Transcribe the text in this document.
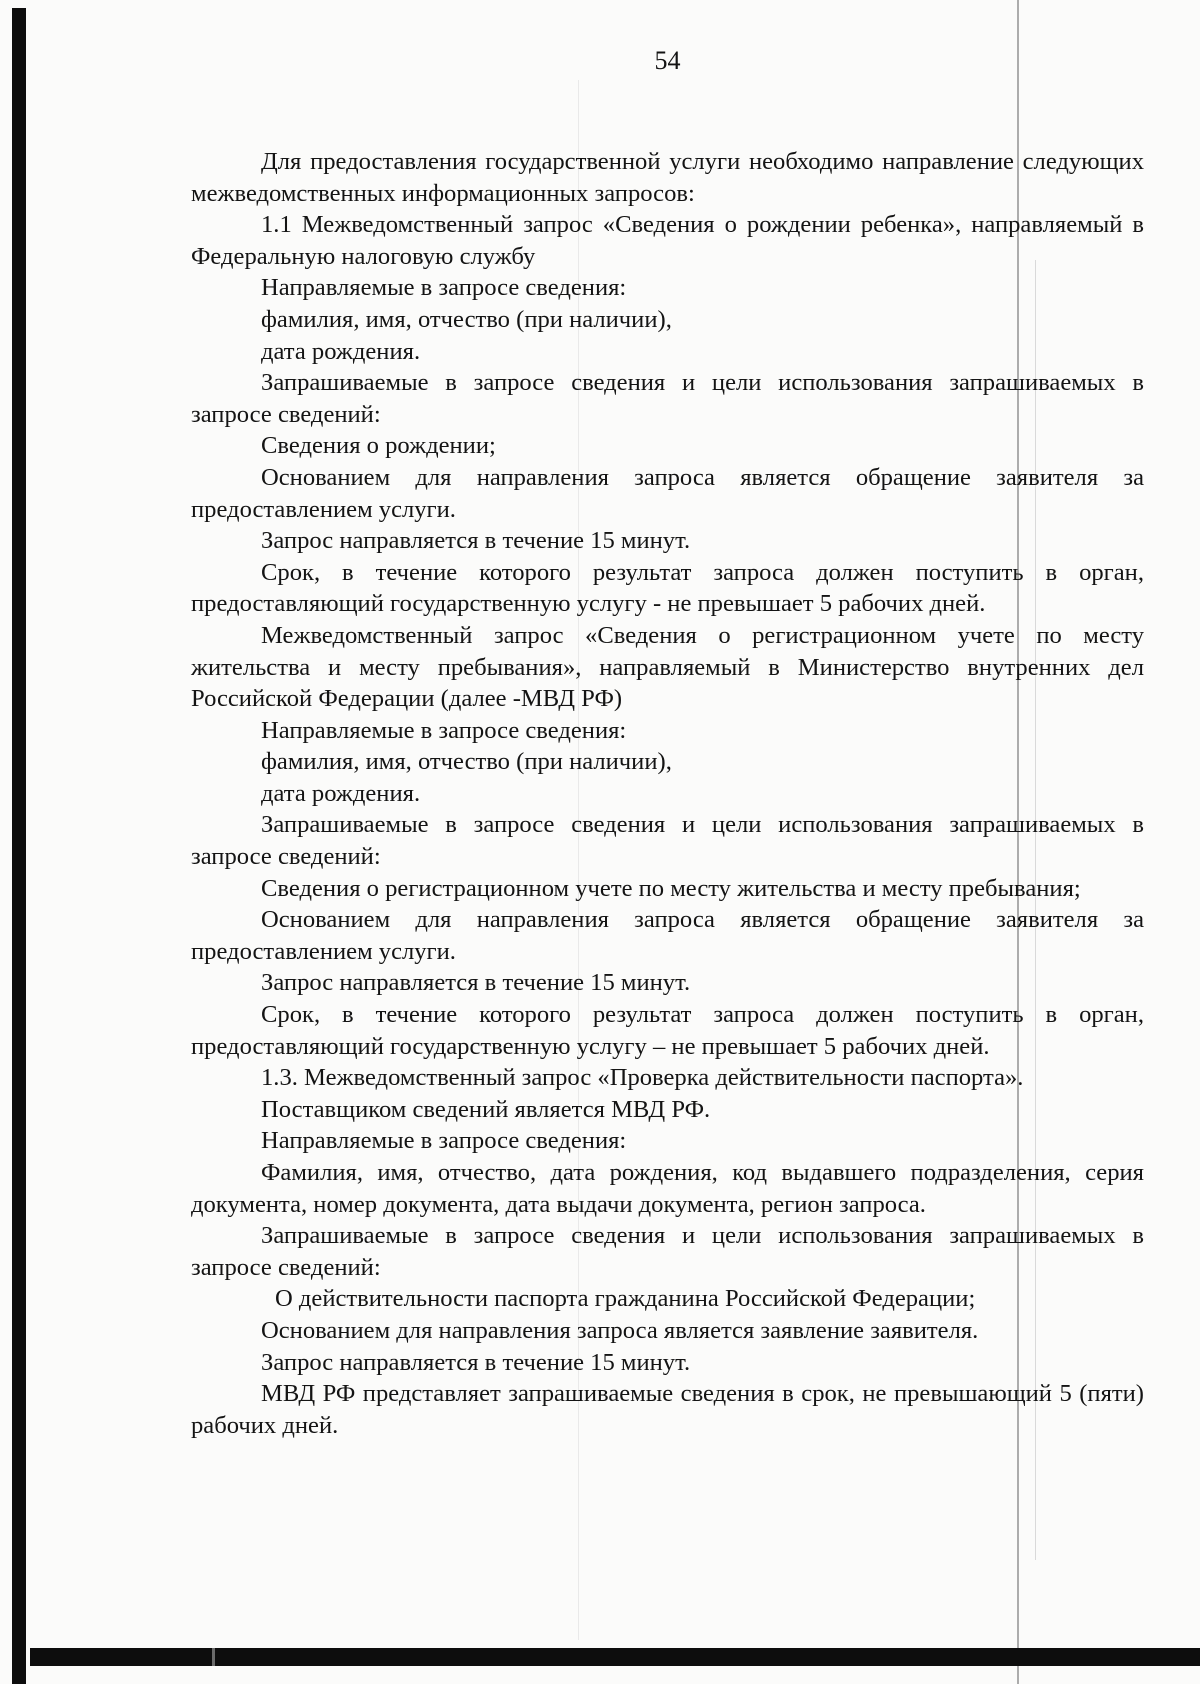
54

Для предоставления государственной услуги необходимо направление следующих межведомственных информационных запросов:

1.1 Межведомственный запрос «Сведения о рождении ребенка», направляемый в Федеральную налоговую службу

Направляемые в запросе сведения:

фамилия, имя, отчество (при наличии),

дата рождения.

Запрашиваемые в запросе сведения и цели использования запрашиваемых в запросе сведений:

Сведения о рождении;

Основанием для направления запроса является обращение заявителя за предоставлением услуги.

Запрос направляется в течение 15 минут.

Срок, в течение которого результат запроса должен поступить в орган, предоставляющий государственную услугу - не превышает 5 рабочих дней.

Межведомственный запрос «Сведения о регистрационном учете по месту жительства и месту пребывания», направляемый в Министерство внутренних дел Российской Федерации (далее -МВД РФ)

Направляемые в запросе сведения:

фамилия, имя, отчество (при наличии),

дата рождения.

Запрашиваемые в запросе сведения и цели использования запрашиваемых в запросе сведений:

Сведения о регистрационном учете по месту жительства и месту пребывания;

Основанием для направления запроса является обращение заявителя за предоставлением услуги.

Запрос направляется в течение 15 минут.

Срок, в течение которого результат запроса должен поступить в орган, предоставляющий государственную услугу – не превышает 5 рабочих дней.

1.3. Межведомственный запрос «Проверка действительности паспорта».

Поставщиком сведений является МВД РФ.

Направляемые в запросе сведения:

Фамилия, имя, отчество, дата рождения, код выдавшего подразделения, серия документа, номер документа, дата выдачи документа, регион запроса.

Запрашиваемые в запросе сведения и цели использования запрашиваемых в запросе сведений:

О действительности паспорта гражданина Российской Федерации;

Основанием для направления запроса является заявление заявителя.

Запрос направляется в течение 15 минут.

МВД РФ представляет запрашиваемые сведения в срок, не превышающий 5 (пяти) рабочих дней.
